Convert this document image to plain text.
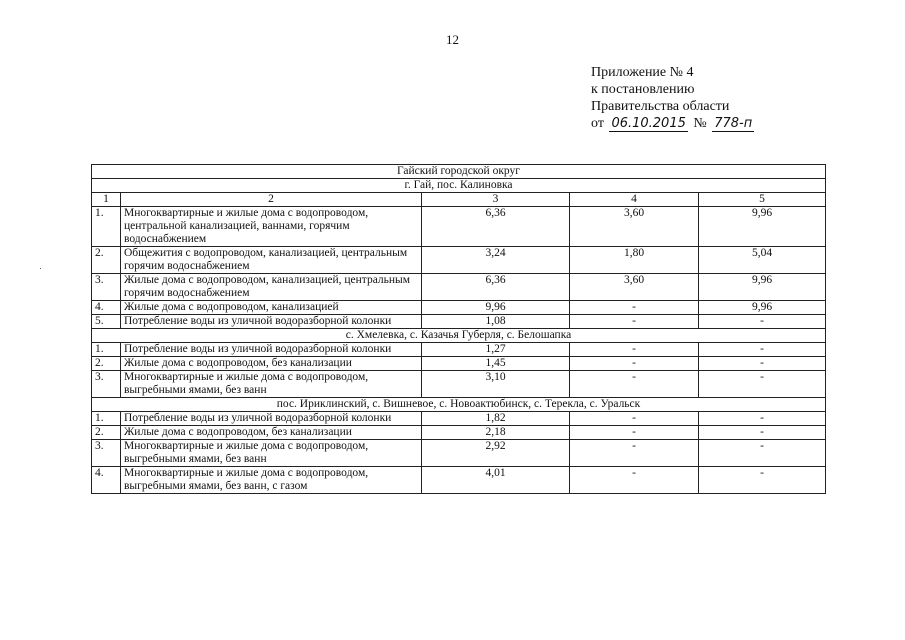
12
Приложение № 4
к постановлению
Правительства области
от 06.10.2015 № 778-п
Гайский городской округ				
г. Гай, пос. Калиновка				
1	2	3	4	5
1.	Многоквартирные и жилые дома с водопроводом, центральной канализацией, ваннами, горячим водоснабжением	6,36	3,60	9,96
2.	Общежития с водопроводом, канализацией, центральным горячим водоснабжением	3,24	1,80	5,04
3.	Жилые дома с водопроводом, канализацией, центральным горячим водоснабжением	6,36	3,60	9,96
4.	Жилые дома с водопроводом, канализацией	9,96	-	9,96
5.	Потребление воды из уличной водоразборной колонки	1,08	-	-
с. Хмелевка, с. Казачья Губерля, с. Белошапка				
1.	Потребление воды из уличной водоразборной колонки	1,27	-	-
2.	Жилые дома с водопроводом, без канализации	1,45	-	-
3.	Многоквартирные и жилые дома с водопроводом, выгребными ямами, без ванн	3,10	-	-
пос. Ириклинский, с. Вишневое, с. Новоактюбинск, с. Терекла, с. Уральск				
1.	Потребление воды из уличной водоразборной колонки	1,82	-	-
2.	Жилые дома с водопроводом, без канализации	2,18	-	-
3.	Многоквартирные и жилые дома с водопроводом, выгребными ямами, без ванн	2,92	-	-
4.	Многоквартирные и жилые дома с водопроводом, выгребными ямами, без ванн, с газом	4,01	-	-
